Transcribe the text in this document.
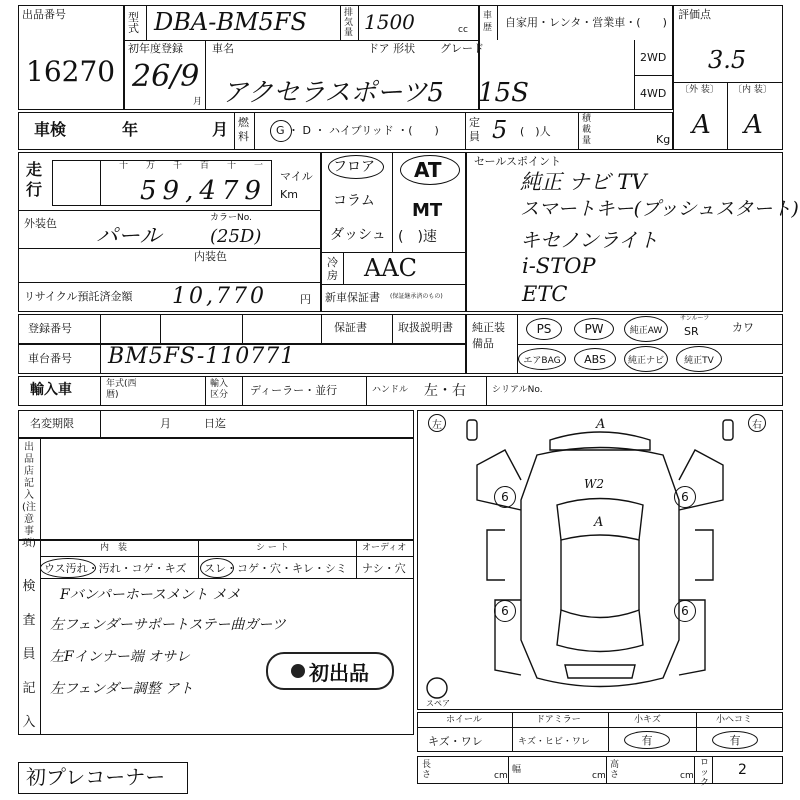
出品番号
16270
型式 DBA-BM5FS	排気量 1500	cc
初年度登録
26/9
月
車名	ドア 形状 グレード
アクセラスポーツ5 15S
車歴 自家用・レンタ・営業車・(　　)
2WD
4WD
評価点
3.5
〔外 装〕 〔内 装〕
A A
車検	年	月 燃料 G ・ D ・ ハイブリッド ・(　　)
定員 5 (　)人
積載量	Kg
走行
十 万 千 百 十 一
59,479 マイル Km
外装色	カラーNo.
パール	(25D)
内装色
リサイクル預託済金額 10,770	円
フロア
コラム
ダッシュ
AT
MT
(　)速
冷房 AAC
新車保証書 (保証継承済のもの)
セールスポイント
純正 ナビ TV
スマートキー(プッシュスタート)
キセノンライト
i-STOP
ETC
登録番号	保証書	取扱説明書
車台番号 BM5FS-110771
純正装備品
PS	PW	純正AW
サンルーフ
SR	カワ
エアBAG ABS 純正ナビ 純正TV
輸入車	年式(西暦)
輸入区分	ディーラー・並行	ハンドル 左・右	シリアルNo.
名変期限	月　　　日迄
出品店記入(注意事項)
検査員記入
内　装	シ ー ト	オーディオ
ウス汚れ・汚れ・コゲ・キズ スレ・コゲ・穴・キレ・シミ ナシ・穴
Fバンパーホースメント メメ
左フェンダーサポートステー曲ガーツ
左Fインナー端 オサレ
左フェンダー調整 アト
初出品
初プレコーナー
左	右
6	6
6	6
A
W2
A
スペア
ホイール
キズ・ワレ
ドアミラー
キズ・ヒビ・ワレ
小キズ
有
小ヘコミ
有
長さ	cm
幅
cm
高さ	cm
ロック
2
